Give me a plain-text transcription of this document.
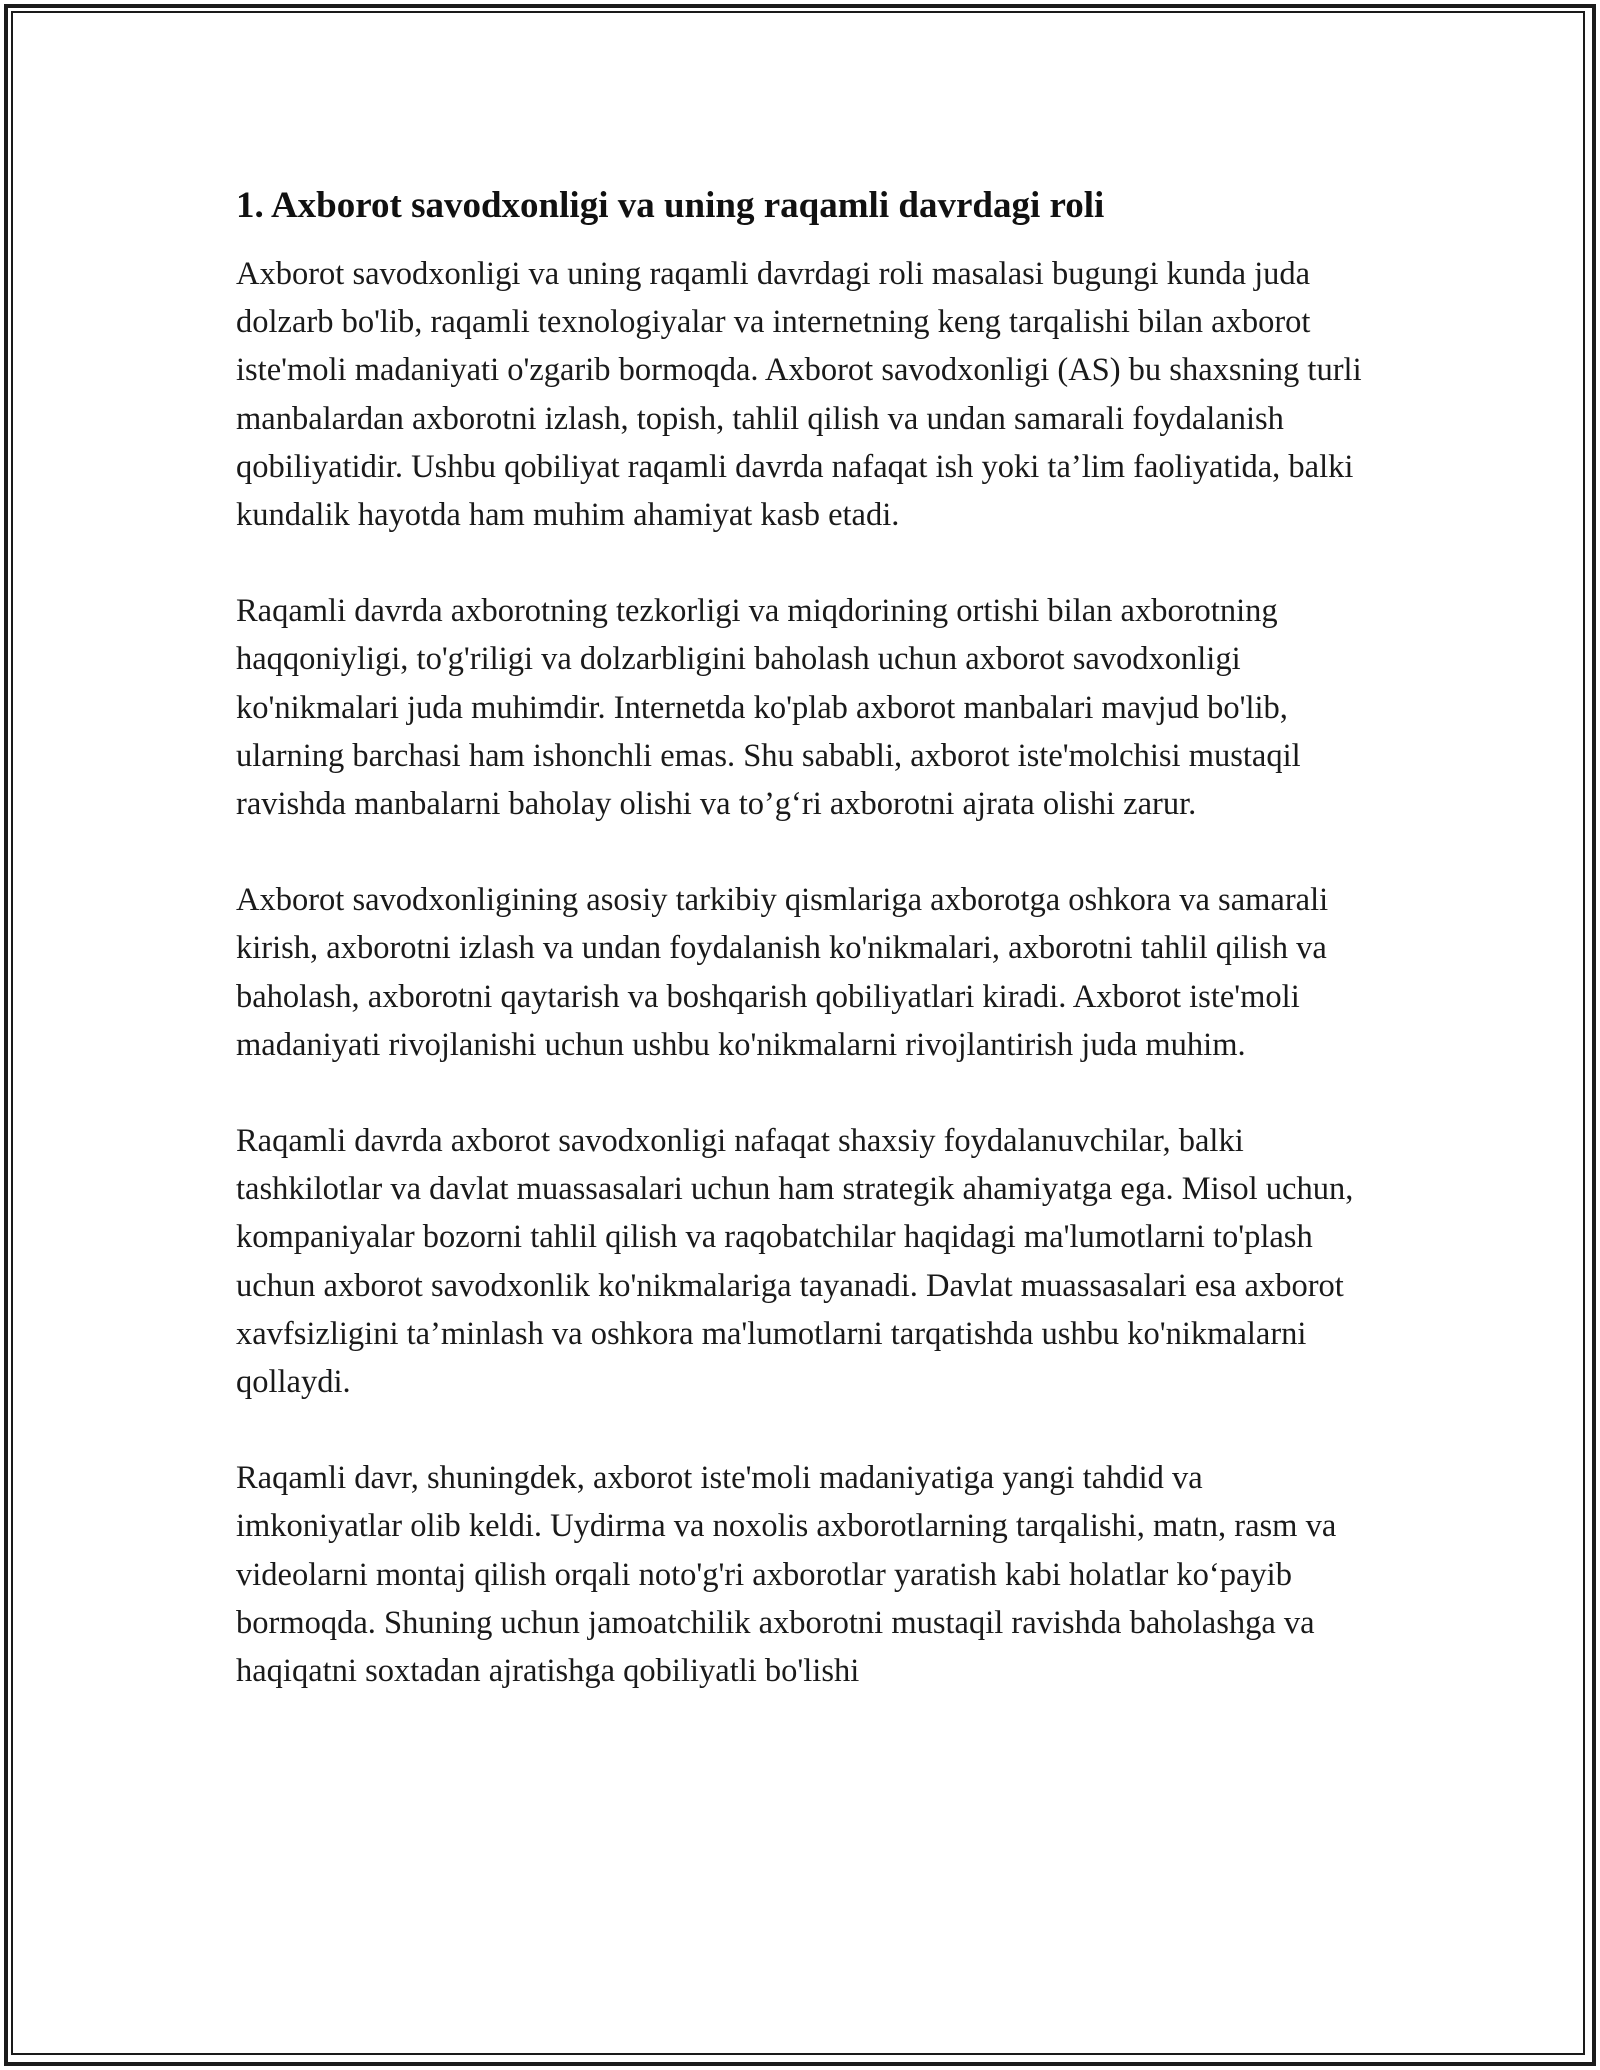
1. Axborot savodxonligi va uning raqamli davrdagi roli

Axborot savodxonligi va uning raqamli davrdagi roli masalasi bugungi kunda juda dolzarb bo'lib, raqamli texnologiyalar va internetning keng tarqalishi bilan axborot iste'moli madaniyati o'zgarib bormoqda. Axborot savodxonligi (AS) bu shaxsning turli manbalardan axborotni izlash, topish, tahlil qilish va undan samarali foydalanish qobiliyatidir. Ushbu qobiliyat raqamli davrda nafaqat ish yoki ta’lim faoliyatida, balki kundalik hayotda ham muhim ahamiyat kasb etadi.

Raqamli davrda axborotning tezkorligi va miqdorining ortishi bilan axborotning haqqoniyligi, to'g'riligi va dolzarbligini baholash uchun axborot savodxonligi ko'nikmalari juda muhimdir. Internetda ko'plab axborot manbalari mavjud bo'lib, ularning barchasi ham ishonchli emas. Shu sababli, axborot iste'molchisi mustaqil ravishda manbalarni baholay olishi va to’g‘ri axborotni ajrata olishi zarur.

Axborot savodxonligining asosiy tarkibiy qismlariga axborotga oshkora va samarali kirish, axborotni izlash va undan foydalanish ko'nikmalari, axborotni tahlil qilish va baholash, axborotni qaytarish va boshqarish qobiliyatlari kiradi. Axborot iste'moli madaniyati rivojlanishi uchun ushbu ko'nikmalarni rivojlantirish juda muhim.

Raqamli davrda axborot savodxonligi nafaqat shaxsiy foydalanuvchilar, balki tashkilotlar va davlat muassasalari uchun ham strategik ahamiyatga ega. Misol uchun, kompaniyalar bozorni tahlil qilish va raqobatchilar haqidagi ma'lumotlarni to'plash uchun axborot savodxonlik ko'nikmalariga tayanadi. Davlat muassasalari esa axborot xavfsizligini ta’minlash va oshkora ma'lumotlarni tarqatishda ushbu ko'nikmalarni qollaydi.

Raqamli davr, shuningdek, axborot iste'moli madaniyatiga yangi tahdid va imkoniyatlar olib keldi. Uydirma va noxolis axborotlarning tarqalishi, matn, rasm va videolarni montaj qilish orqali noto'g'ri axborotlar yaratish kabi holatlar ko‘payib bormoqda. Shuning uchun jamoatchilik axborotni mustaqil ravishda baholashga va haqiqatni soxtadan ajratishga qobiliyatli bo'lishi
